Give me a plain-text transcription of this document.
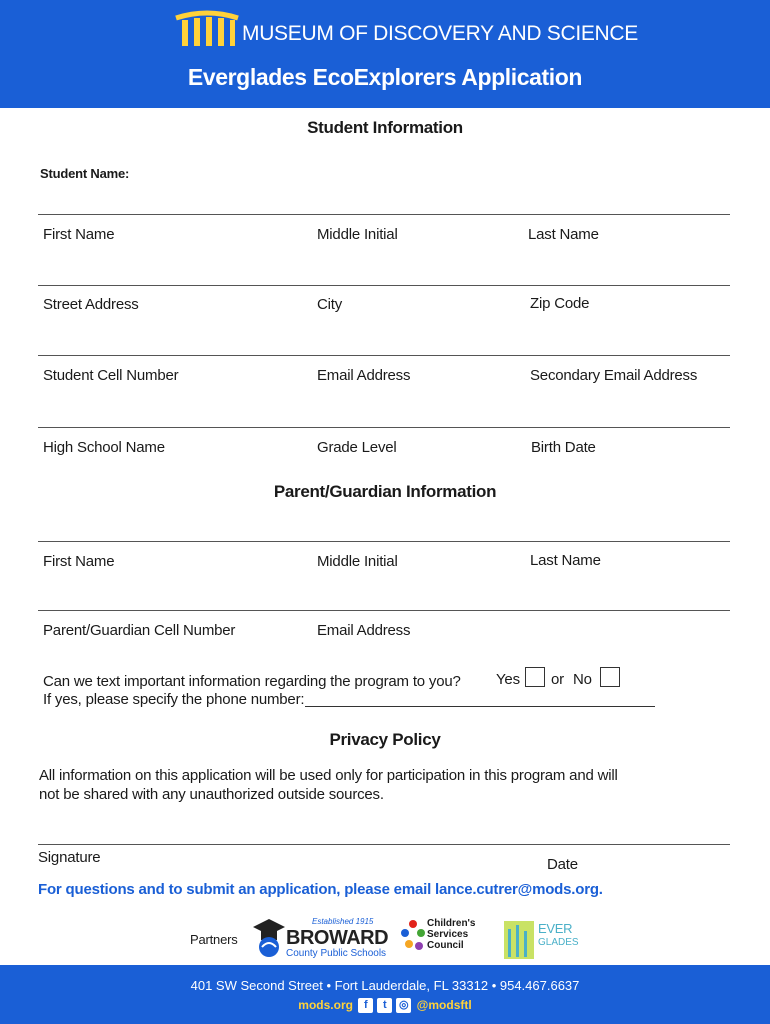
MUSEUM OF DISCOVERY AND SCIENCE
Everglades EcoExplorers Application
Student Information
Student Name:
First Name	Middle Initial	Last Name
Street Address	City	Zip Code
Student Cell Number	Email Address	Secondary Email Address
High School Name	Grade Level	Birth Date
Parent/Guardian Information
First Name	Middle Initial	Last Name
Parent/Guardian Cell Number	Email Address
Can we text important information regarding the program to you? Yes or No
If yes, please specify the phone number:
Privacy Policy
All information on this application will be used only for participation in this program and will
not be shared with any unauthorized outside sources.
Signature	Date
For questions and to submit an application, please email lance.cutrer@mods.org.
Partners
Established 1915
BROWARD
County Public Schools
Children's
Services
Council
EVER
GLADES
401 SW Second Street • Fort Lauderdale, FL 33312 • 954.467.6637
mods.org f t ◎ @modsftl
